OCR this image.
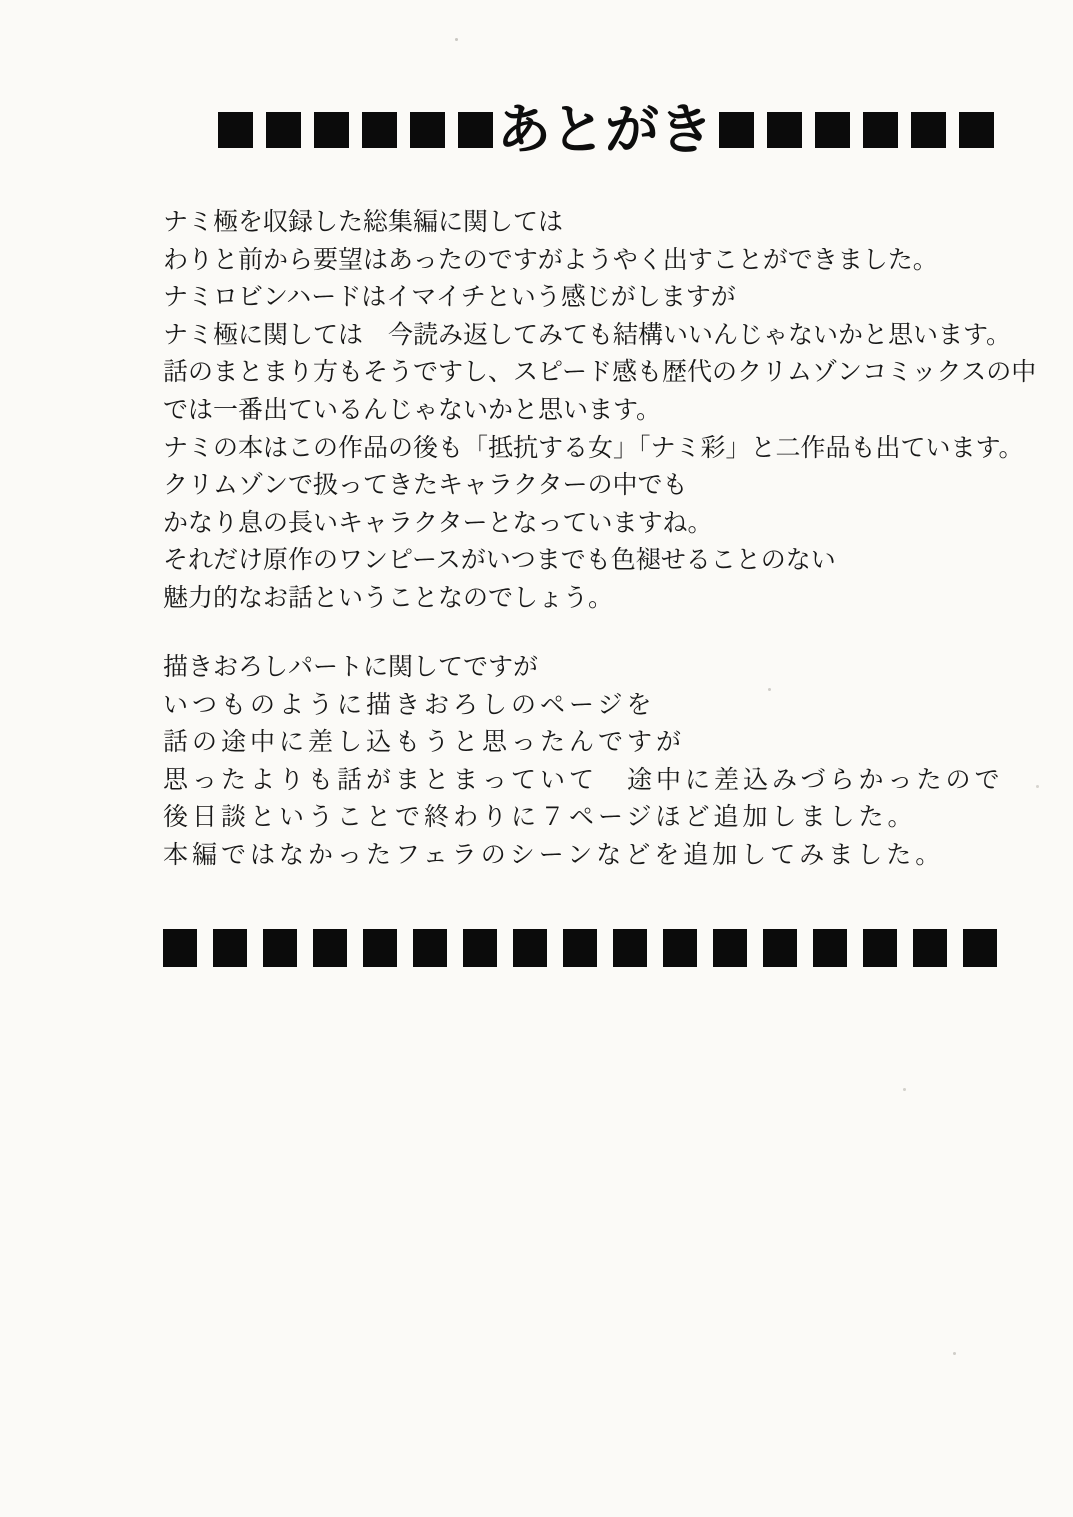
あとがき
ナミ極を収録した総集編に関しては
わりと前から要望はあったのですがようやく出すことができました。
ナミロビンハードはイマイチという感じがしますが
ナミ極に関しては　今読み返してみても結構いいんじゃないかと思います。
話のまとまり方もそうですし、スピード感も歴代のクリムゾンコミックスの中
では一番出ているんじゃないかと思います。
ナミの本はこの作品の後も「抵抗する女」「ナミ彩」と二作品も出ています。
クリムゾンで扱ってきたキャラクターの中でも
かなり息の長いキャラクターとなっていますね。
それだけ原作のワンピースがいつまでも色褪せることのない
魅力的なお話ということなのでしょう。
描きおろしパートに関してですが
いつものように描きおろしのページを
話の途中に差し込もうと思ったんですが
思ったよりも話がまとまっていて　途中に差込みづらかったので
後日談ということで終わりに７ページほど追加しました。
本編ではなかったフェラのシーンなどを追加してみました。
